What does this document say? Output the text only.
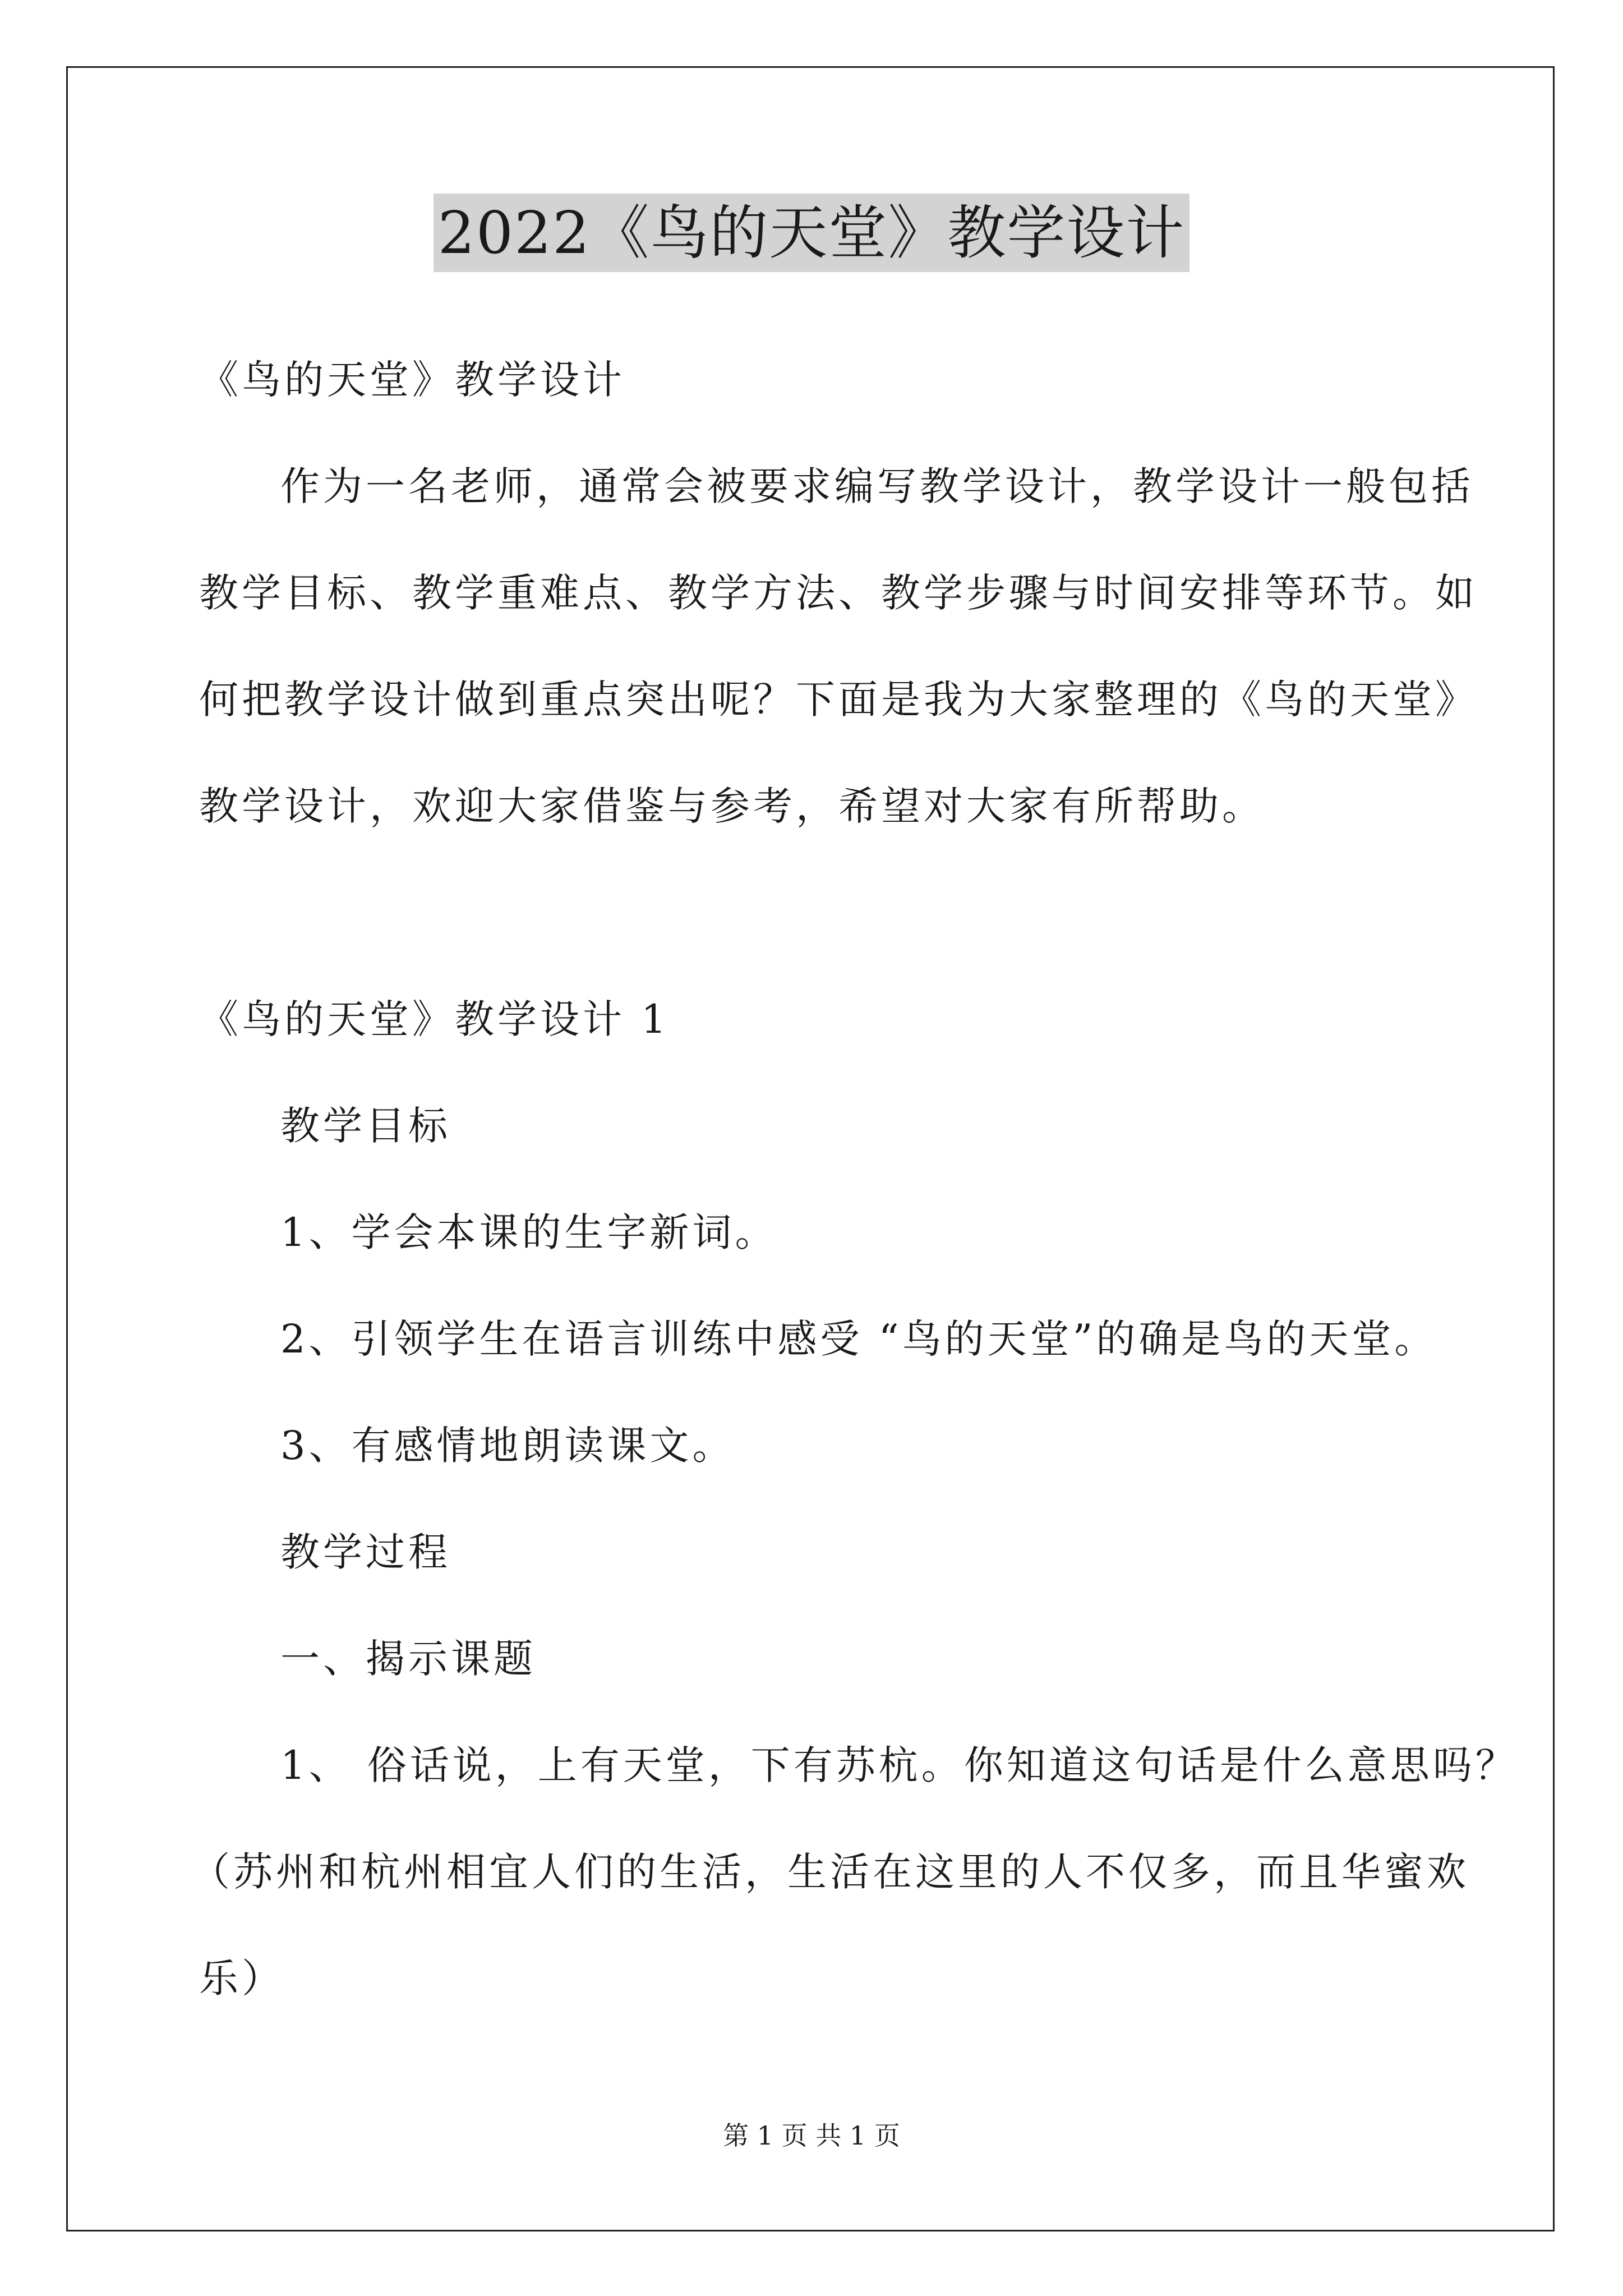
2022《鸟的天堂》教学设计
《鸟的天堂》教学设计
作为一名老师，通常会被要求编写教学设计，教学设计一般包括
教学目标、教学重难点、教学方法、教学步骤与时间安排等环节。如
何把教学设计做到重点突出呢？下面是我为大家整理的《鸟的天堂》
教学设计，欢迎大家借鉴与参考，希望对大家有所帮助。
《鸟的天堂》教学设计 1
教学目标
1、学会本课的生字新词。
2、引领学生在语言训练中感受 “鸟的天堂”的确是鸟的天堂。
3、有感情地朗读课文。
教学过程
一、揭示课题
1、 俗话说，上有天堂，下有苏杭。你知道这句话是什么意思吗？
（苏州和杭州相宜人们的生活，生活在这里的人不仅多，而且华蜜欢
乐）
第 1 页 共 1 页
